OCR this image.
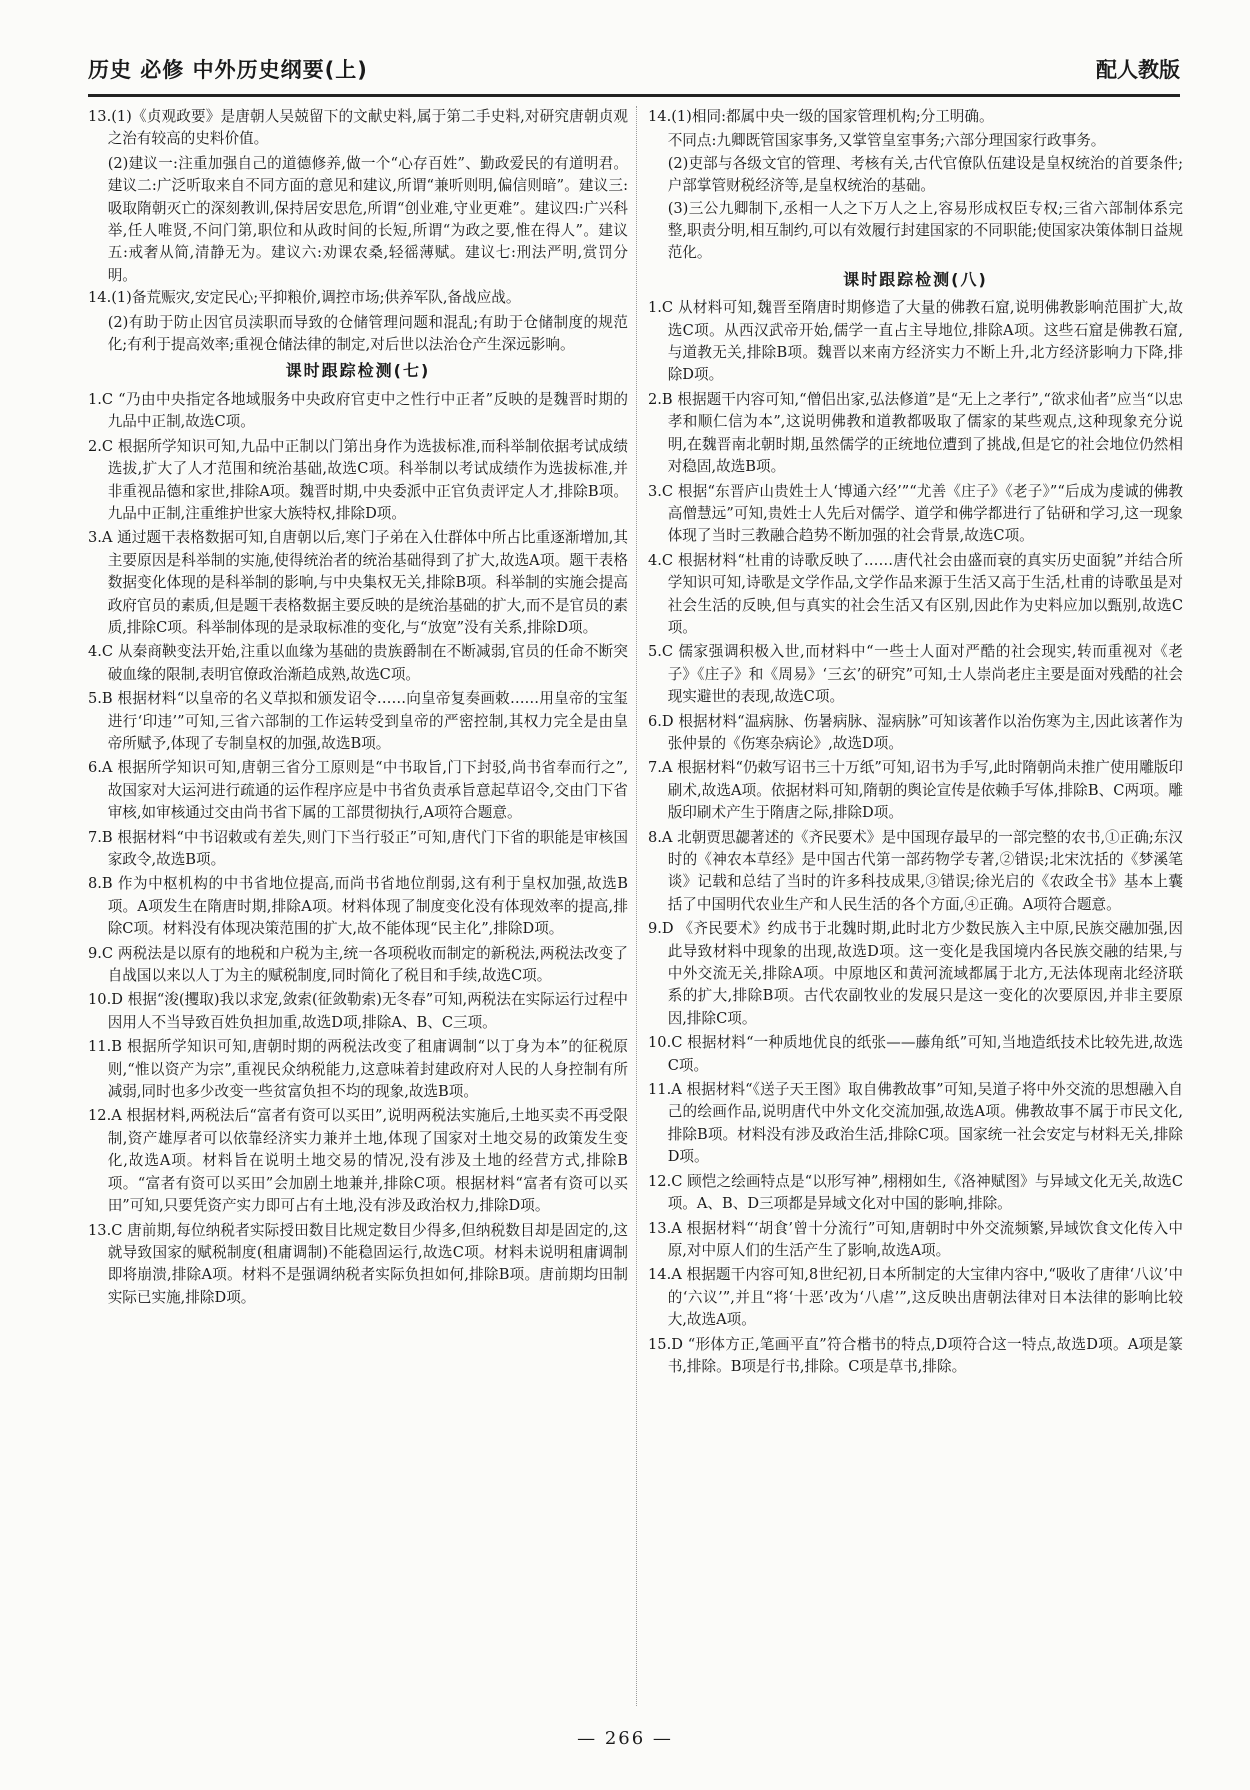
历史 必修 中外历史纲要(上)	配人教版

13.(1)《贞观政要》是唐朝人吴兢留下的文献史料,属于第二手史料,对研究唐朝贞观之治有较高的史料价值。

(2)建议一:注重加强自己的道德修养,做一个“心存百姓”、勤政爱民的有道明君。建议二:广泛听取来自不同方面的意见和建议,所谓“兼听则明,偏信则暗”。建议三:吸取隋朝灭亡的深刻教训,保持居安思危,所谓“创业难,守业更难”。建议四:广兴科举,任人唯贤,不问门第,职位和从政时间的长短,所谓“为政之要,惟在得人”。建议五:戒奢从简,清静无为。建议六:劝课农桑,轻徭薄赋。建议七:刑法严明,赏罚分明。

14.(1)备荒赈灾,安定民心;平抑粮价,调控市场;供养军队,备战应战。

(2)有助于防止因官员渎职而导致的仓储管理问题和混乱;有助于仓储制度的规范化;有利于提高效率;重视仓储法律的制定,对后世以法治仓产生深远影响。

课时跟踪检测(七)

1.C “乃由中央指定各地域服务中央政府官吏中之性行中正者”反映的是魏晋时期的九品中正制,故选C项。

2.C 根据所学知识可知,九品中正制以门第出身作为选拔标准,而科举制依据考试成绩选拔,扩大了人才范围和统治基础,故选C项。科举制以考试成绩作为选拔标准,并非重视品德和家世,排除A项。魏晋时期,中央委派中正官负责评定人才,排除B项。九品中正制,注重维护世家大族特权,排除D项。

3.A 通过题干表格数据可知,自唐朝以后,寒门子弟在入仕群体中所占比重逐渐增加,其主要原因是科举制的实施,使得统治者的统治基础得到了扩大,故选A项。题干表格数据变化体现的是科举制的影响,与中央集权无关,排除B项。科举制的实施会提高政府官员的素质,但是题干表格数据主要反映的是统治基础的扩大,而不是官员的素质,排除C项。科举制体现的是录取标准的变化,与“放宽”没有关系,排除D项。

4.C 从秦商鞅变法开始,注重以血缘为基础的贵族爵制在不断减弱,官员的任命不断突破血缘的限制,表明官僚政治渐趋成熟,故选C项。

5.B 根据材料“以皇帝的名义草拟和颁发诏令……向皇帝复奏画敕……用皇帝的宝玺进行‘印违’”可知,三省六部制的工作运转受到皇帝的严密控制,其权力完全是由皇帝所赋予,体现了专制皇权的加强,故选B项。

6.A 根据所学知识可知,唐朝三省分工原则是“中书取旨,门下封驳,尚书省奉而行之”,故国家对大运河进行疏通的运作程序应是中书省负责承旨意起草诏令,交由门下省审核,如审核通过交由尚书省下属的工部贯彻执行,A项符合题意。

7.B 根据材料“中书诏敕或有差失,则门下当行驳正”可知,唐代门下省的职能是审核国家政令,故选B项。

8.B 作为中枢机构的中书省地位提高,而尚书省地位削弱,这有利于皇权加强,故选B项。A项发生在隋唐时期,排除A项。材料体现了制度变化没有体现效率的提高,排除C项。材料没有体现决策范围的扩大,故不能体现“民主化”,排除D项。

9.C 两税法是以原有的地税和户税为主,统一各项税收而制定的新税法,两税法改变了自战国以来以人丁为主的赋税制度,同时简化了税目和手续,故选C项。

10.D 根据“浚(攫取)我以求宠,敛索(征敛勒索)无冬春”可知,两税法在实际运行过程中因用人不当导致百姓负担加重,故选D项,排除A、B、C三项。

11.B 根据所学知识可知,唐朝时期的两税法改变了租庸调制“以丁身为本”的征税原则,“惟以资产为宗”,重视民众纳税能力,这意味着封建政府对人民的人身控制有所减弱,同时也多少改变一些贫富负担不均的现象,故选B项。

12.A 根据材料,两税法后“富者有资可以买田”,说明两税法实施后,土地买卖不再受限制,资产雄厚者可以依靠经济实力兼并土地,体现了国家对土地交易的政策发生变化,故选A项。材料旨在说明土地交易的情况,没有涉及土地的经营方式,排除B项。“富者有资可以买田”会加剧土地兼并,排除C项。根据材料“富者有资可以买田”可知,只要凭资产实力即可占有土地,没有涉及政治权力,排除D项。

13.C 唐前期,每位纳税者实际授田数目比规定数目少得多,但纳税数目却是固定的,这就导致国家的赋税制度(租庸调制)不能稳固运行,故选C项。材料未说明租庸调制即将崩溃,排除A项。材料不是强调纳税者实际负担如何,排除B项。唐前期均田制实际已实施,排除D项。

14.(1)相同:都属中央一级的国家管理机构;分工明确。

不同点:九卿既管国家事务,又掌管皇室事务;六部分理国家行政事务。

(2)吏部与各级文官的管理、考核有关,古代官僚队伍建设是皇权统治的首要条件;户部掌管财税经济等,是皇权统治的基础。

(3)三公九卿制下,丞相一人之下万人之上,容易形成权臣专权;三省六部制体系完整,职责分明,相互制约,可以有效履行封建国家的不同职能;使国家决策体制日益规范化。

课时跟踪检测(八)

1.C 从材料可知,魏晋至隋唐时期修造了大量的佛教石窟,说明佛教影响范围扩大,故选C项。从西汉武帝开始,儒学一直占主导地位,排除A项。这些石窟是佛教石窟,与道教无关,排除B项。魏晋以来南方经济实力不断上升,北方经济影响力下降,排除D项。

2.B 根据题干内容可知,“僧侣出家,弘法修道”是“无上之孝行”,“欲求仙者”应当“以忠孝和顺仁信为本”,这说明佛教和道教都吸取了儒家的某些观点,这种现象充分说明,在魏晋南北朝时期,虽然儒学的正统地位遭到了挑战,但是它的社会地位仍然相对稳固,故选B项。

3.C 根据“东晋庐山贵姓士人‘博通六经’”“尤善《庄子》《老子》”“后成为虔诚的佛教高僧慧远”可知,贵姓士人先后对儒学、道学和佛学都进行了钻研和学习,这一现象体现了当时三教融合趋势不断加强的社会背景,故选C项。

4.C 根据材料“杜甫的诗歌反映了……唐代社会由盛而衰的真实历史面貌”并结合所学知识可知,诗歌是文学作品,文学作品来源于生活又高于生活,杜甫的诗歌虽是对社会生活的反映,但与真实的社会生活又有区别,因此作为史料应加以甄别,故选C项。

5.C 儒家强调积极入世,而材料中“一些士人面对严酷的社会现实,转而重视对《老子》《庄子》和《周易》‘三玄’的研究”可知,士人崇尚老庄主要是面对残酷的社会现实避世的表现,故选C项。

6.D 根据材料“温病脉、伤暑病脉、湿病脉”可知该著作以治伤寒为主,因此该著作为张仲景的《伤寒杂病论》,故选D项。

7.A 根据材料“仍敕写诏书三十万纸”可知,诏书为手写,此时隋朝尚未推广使用雕版印刷术,故选A项。依据材料可知,隋朝的舆论宣传是依赖手写体,排除B、C两项。雕版印刷术产生于隋唐之际,排除D项。

8.A 北朝贾思勰著述的《齐民要术》是中国现存最早的一部完整的农书,①正确;东汉时的《神农本草经》是中国古代第一部药物学专著,②错误;北宋沈括的《梦溪笔谈》记载和总结了当时的许多科技成果,③错误;徐光启的《农政全书》基本上囊括了中国明代农业生产和人民生活的各个方面,④正确。A项符合题意。

9.D 《齐民要术》约成书于北魏时期,此时北方少数民族入主中原,民族交融加强,因此导致材料中现象的出现,故选D项。这一变化是我国境内各民族交融的结果,与中外交流无关,排除A项。中原地区和黄河流域都属于北方,无法体现南北经济联系的扩大,排除B项。古代农副牧业的发展只是这一变化的次要原因,并非主要原因,排除C项。

10.C 根据材料“一种质地优良的纸张——藤角纸”可知,当地造纸技术比较先进,故选C项。

11.A 根据材料“《送子天王图》取自佛教故事”可知,吴道子将中外交流的思想融入自己的绘画作品,说明唐代中外文化交流加强,故选A项。佛教故事不属于市民文化,排除B项。材料没有涉及政治生活,排除C项。国家统一社会安定与材料无关,排除D项。

12.C 顾恺之绘画特点是“以形写神”,栩栩如生,《洛神赋图》与异域文化无关,故选C项。A、B、D三项都是异域文化对中国的影响,排除。

13.A 根据材料“‘胡食’曾十分流行”可知,唐朝时中外交流频繁,异域饮食文化传入中原,对中原人们的生活产生了影响,故选A项。

14.A 根据题干内容可知,8世纪初,日本所制定的大宝律内容中,“吸收了唐律‘八议’中的‘六议’”,并且“将‘十恶’改为‘八虐’”,这反映出唐朝法律对日本法律的影响比较大,故选A项。

15.D “形体方正,笔画平直”符合楷书的特点,D项符合这一特点,故选D项。A项是篆书,排除。B项是行书,排除。C项是草书,排除。

— 266 —
